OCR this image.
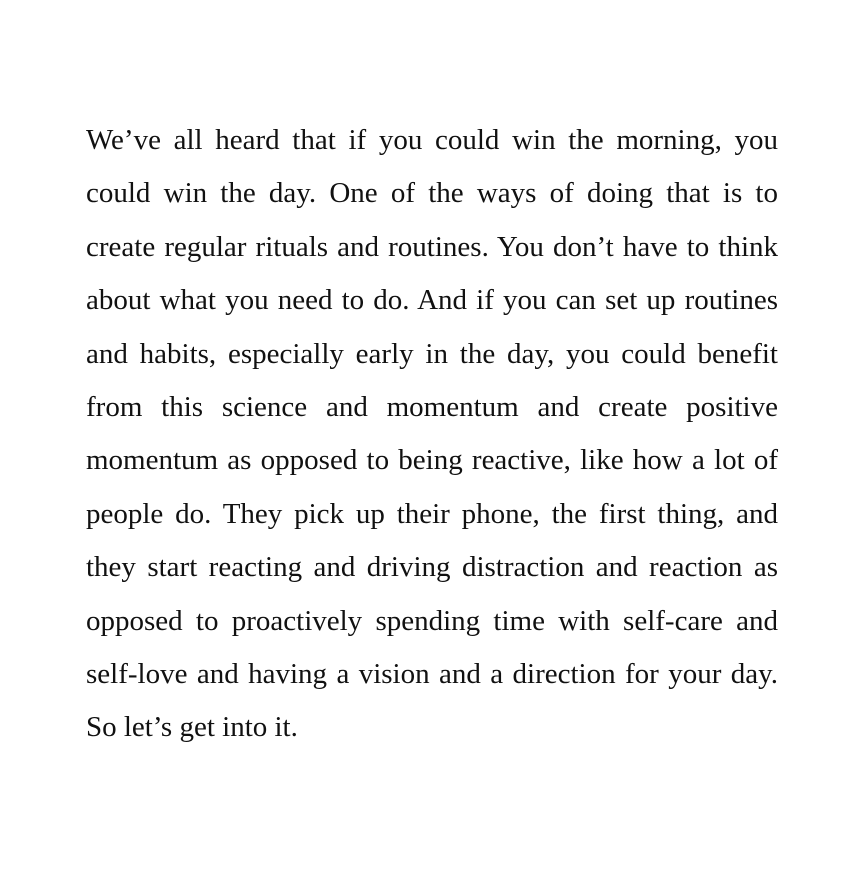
We’ve all heard that if you could win the morning, you could win the day. One of the ways of doing that is to create regular rituals and routines. You don’t have to think about what you need to do. And if you can set up routines and habits, especially early in the day, you could benefit from this science and momentum and create positive momentum as opposed to being reactive, like how a lot of people do. They pick up their phone, the first thing, and they start reacting and driving distraction and reaction as opposed to proactively spending time with self-care and self-love and having a vision and a direction for your day. So let’s get into it.
